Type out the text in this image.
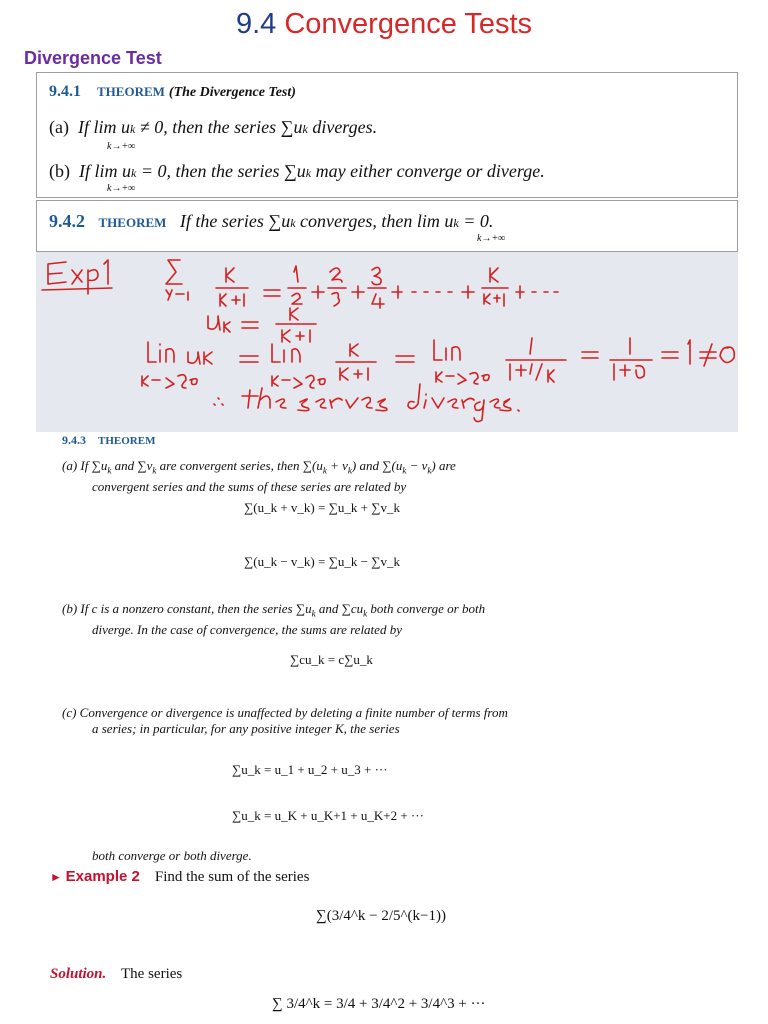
9.4 Convergence Tests
Divergence Test
9.4.1 THEOREM (The Divergence Test)
(a) If lim uk ≠ 0, then the series ∑uk diverges.
k→+∞
(b) If lim uk = 0, then the series ∑uk may either converge or diverge.
k→+∞
9.4.2 THEOREM If the series ∑uk converges, then lim uk = 0.
k→+∞
9.4.3 THEOREM
(a) If $\sum u_k$ and $\sum v_k$ are convergent series, then $\sum(u_k + v_k)$ and $\sum(u_k - v_k)$ are
convergent series and the sums of these series are related by
∑(u_k + v_k) = ∑u_k + ∑v_k
∑(u_k − v_k) = ∑u_k − ∑v_k
(b) If c is a nonzero constant, then the series $\sum u_k$ and $\sum cu_k$ both converge or both
diverge. In the case of convergence, the sums are related by
∑cu_k = c∑u_k
(c) Convergence or divergence is unaffected by deleting a finite number of terms from
a series; in particular, for any positive integer K, the series
∑u_k = u_1 + u_2 + u_3 + ···
∑u_k = u_K + u_K+1 + u_K+2 + ···
both converge or both diverge.
► Example 2 Find the sum of the series
∑(3/4^k − 2/5^(k−1))
Solution. The series
∑ 3/4^k = 3/4 + 3/4^2 + 3/4^3 + ···
